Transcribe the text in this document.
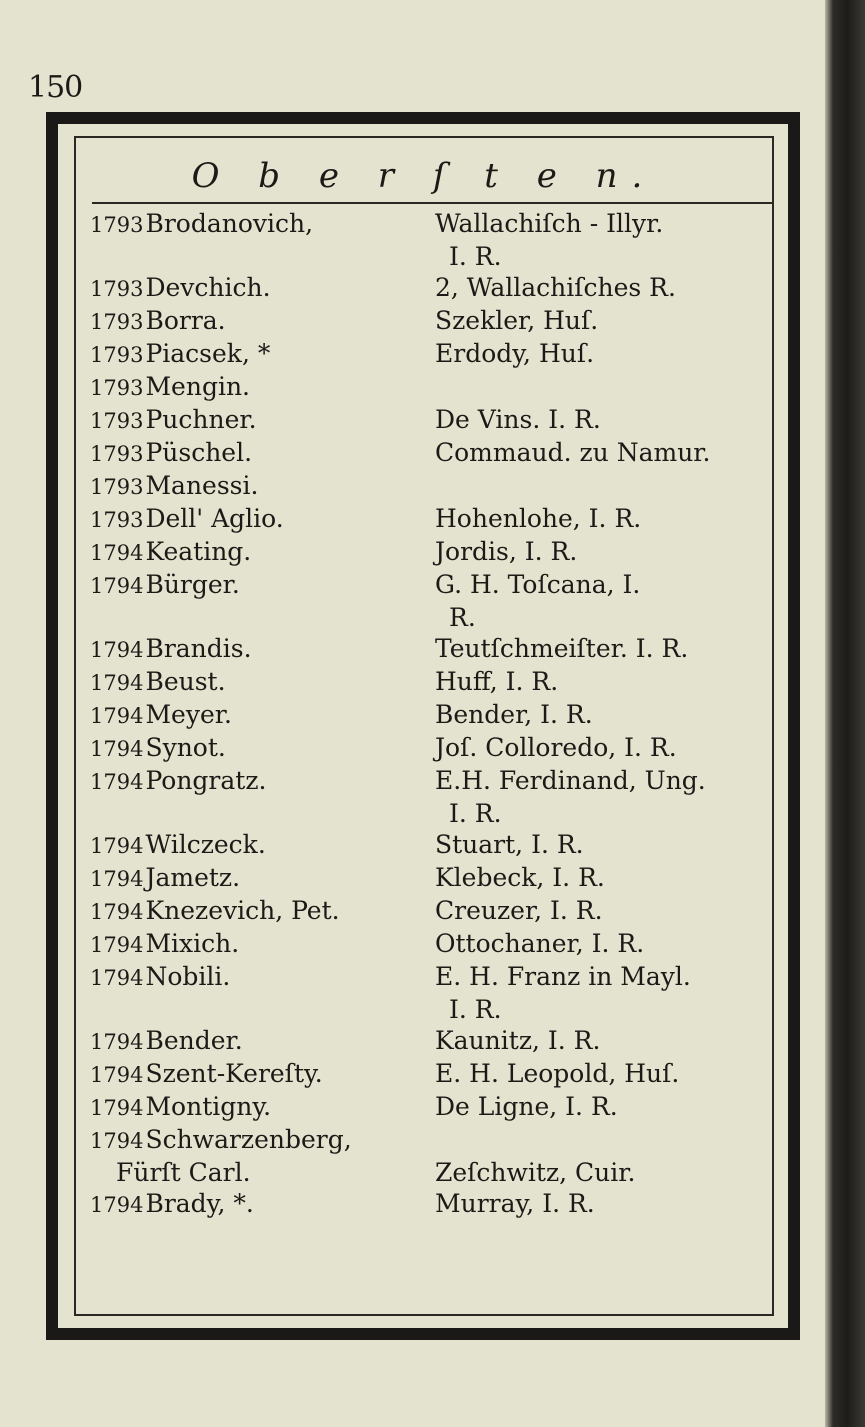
150
O b e r ſ t e n.
1793Brodanovich,	Wallachiſch - Illyr.

I. R.
1793Devchich.	2, Wallachiſches R.
1793Borra.	Szekler, Huſ.
1793Piacsek, *	Erdody, Huſ.
1793Mengin.
1793Puchner.	De Vins. I. R.
1793Püschel.	Commaud. zu Namur.
1793Manessi.
1793Dell' Aglio.	Hohenlohe, I. R.
1794Keating.	Jordis, I. R.
1794Bürger.	G. H. Toſcana, I.

R.
1794Brandis.	Teutſchmeiſter. I. R.
1794Beust.	Huff, I. R.
1794Meyer.	Bender, I. R.
1794Synot.	Joſ. Colloredo, I. R.
1794Pongratz.	E.H. Ferdinand, Ung.

I. R.
1794Wilczeck.	Stuart, I. R.
1794Jametz.	Klebeck, I. R.
1794Knezevich, Pet.	Creuzer, I. R.
1794Mixich.	Ottochaner, I. R.
1794Nobili.	E. H. Franz in Mayl.

I. R.
1794Bender.	Kaunitz, I. R.
1794Szent-Kereſty.	E. H. Leopold, Huſ.
1794Montigny.	De Ligne, I. R.
1794Schwarzenberg,
Fürſt Carl.	Zeſchwitz, Cuir.
1794Brady, *.	Murray, I. R.
